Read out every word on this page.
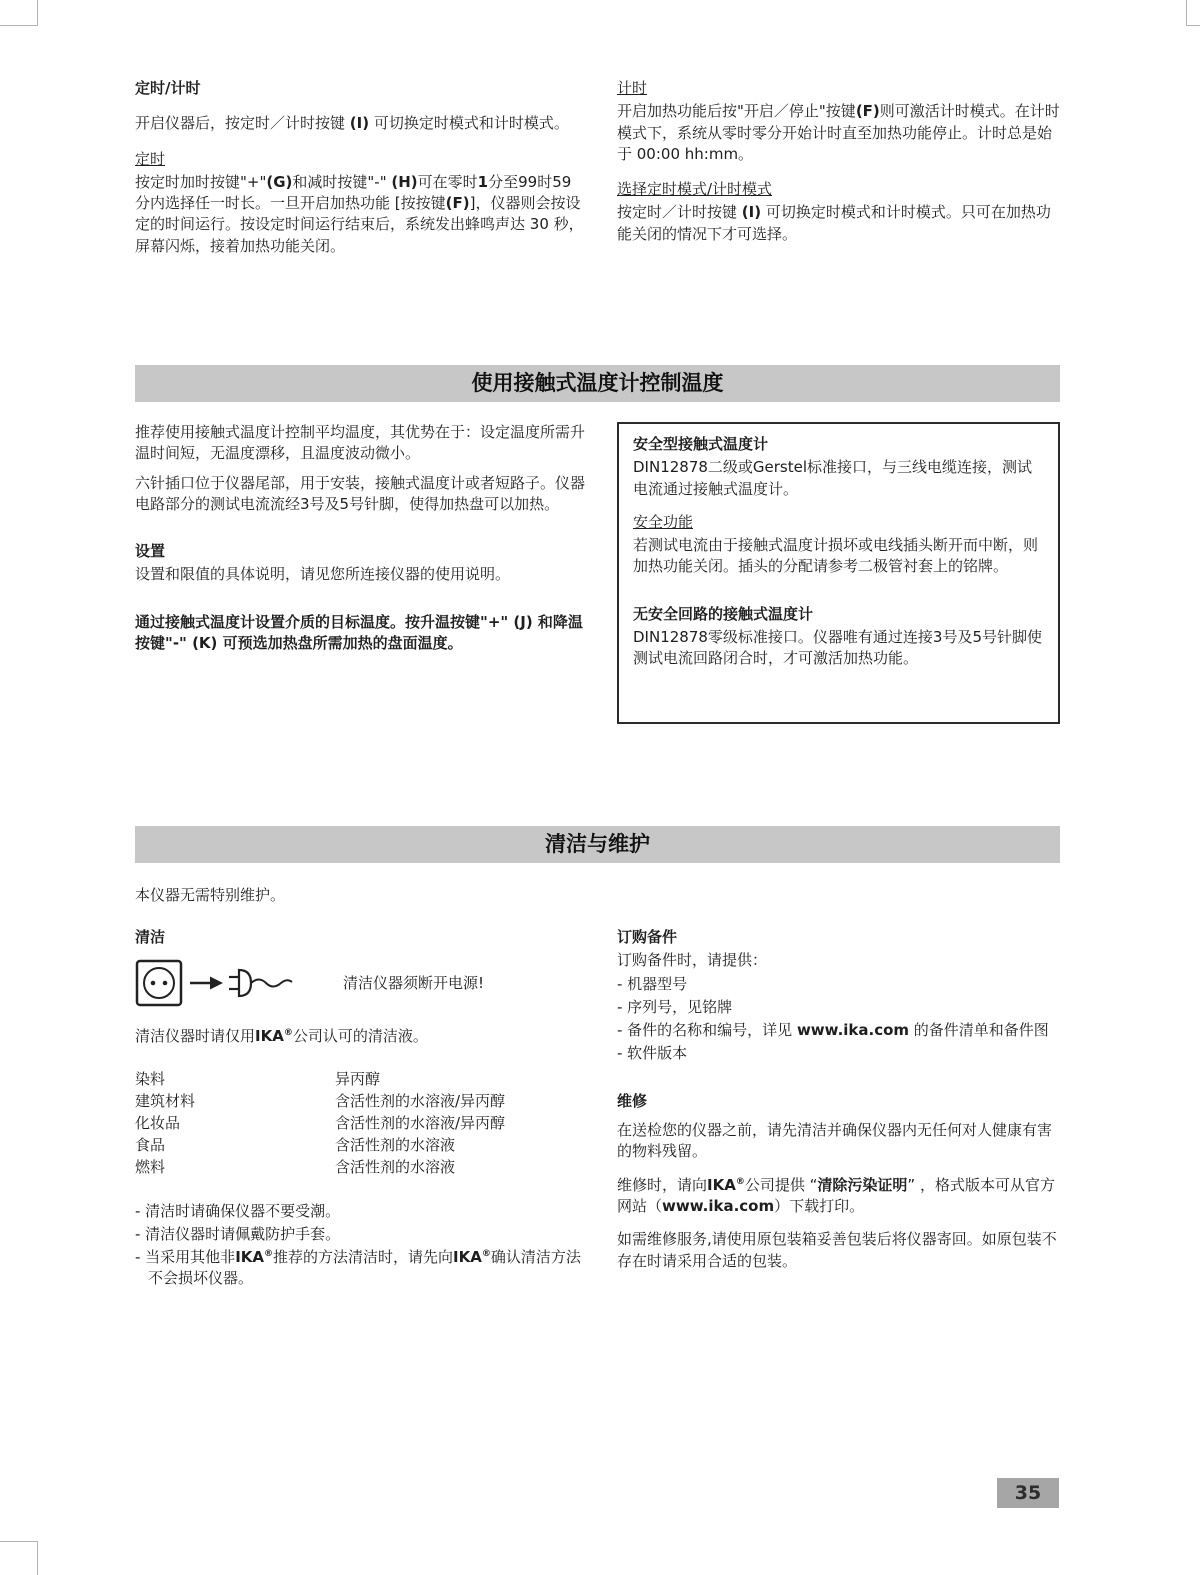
定时/计时

开启仪器后，按定时／计时按键 (I) 可切换定时模式和计时模式。

定时

按定时加时按键"+"(G)和减时按键"-" (H)可在零时1分至99时59 分内选择任一时长。一旦开启加热功能 [按按键(F)]，仪器则会按设定的时间运行。按设定时间运行结束后，系统发出蜂鸣声达 30 秒，屏幕闪烁，接着加热功能关闭。

计时

开启加热功能后按"开启／停止"按键(F)则可激活计时模式。在计时模式下，系统从零时零分开始计时直至加热功能停止。计时总是始于 00:00 hh:mm。

选择定时模式/计时模式

按定时／计时按键 (I) 可切换定时模式和计时模式。只可在加热功能关闭的情况下才可选择。

使用接触式温度计控制温度

推荐使用接触式温度计控制平均温度，其优势在于：设定温度所需升温时间短，无温度漂移，且温度波动微小。

六针插口位于仪器尾部，用于安装，接触式温度计或者短路子。仪器电路部分的测试电流流经3号及5号针脚，使得加热盘可以加热。

设置

设置和限值的具体说明，请见您所连接仪器的使用说明。

通过接触式温度计设置介质的目标温度。按升温按键"+" (J) 和降温按键"-" (K) 可预选加热盘所需加热的盘面温度。

安全型接触式温度计

DIN12878二级或Gerstel标准接口，与三线电缆连接，测试电流通过接触式温度计。

安全功能

若测试电流由于接触式温度计损坏或电线插头断开而中断，则加热功能关闭。插头的分配请参考二极管衬套上的铭牌。

无安全回路的接触式温度计

DIN12878零级标准接口。仪器唯有通过连接3号及5号针脚使测试电流回路闭合时，才可激活加热功能。

清洁与维护

本仪器无需特别维护。

清洁

清洁仪器须断开电源!

清洁仪器时请仅用IKA®公司认可的清洁液。

染料	异丙醇
建筑材料	含活性剂的水溶液/异丙醇
化妆品	含活性剂的水溶液/异丙醇
食品	含活性剂的水溶液
燃料	含活性剂的水溶液

- 清洁时请确保仪器不要受潮。

- 清洁仪器时请佩戴防护手套。

- 当采用其他非IKA®推荐的方法清洁时，请先向IKA®确认清洁方法不会损坏仪器。

订购备件

订购备件时，请提供：

- 机器型号

- 序列号，见铭牌

- 备件的名称和编号，详见 www.ika.com 的备件清单和备件图

- 软件版本

维修

在送检您的仪器之前，请先清洁并确保仪器内无任何对人健康有害的物料残留。

维修时，请向IKA®公司提供 “清除污染证明” ，格式版本可从官方网站（www.ika.com）下载打印。

如需维修服务,请使用原包装箱妥善包装后将仪器寄回。如原包装不存在时请采用合适的包装。

35
